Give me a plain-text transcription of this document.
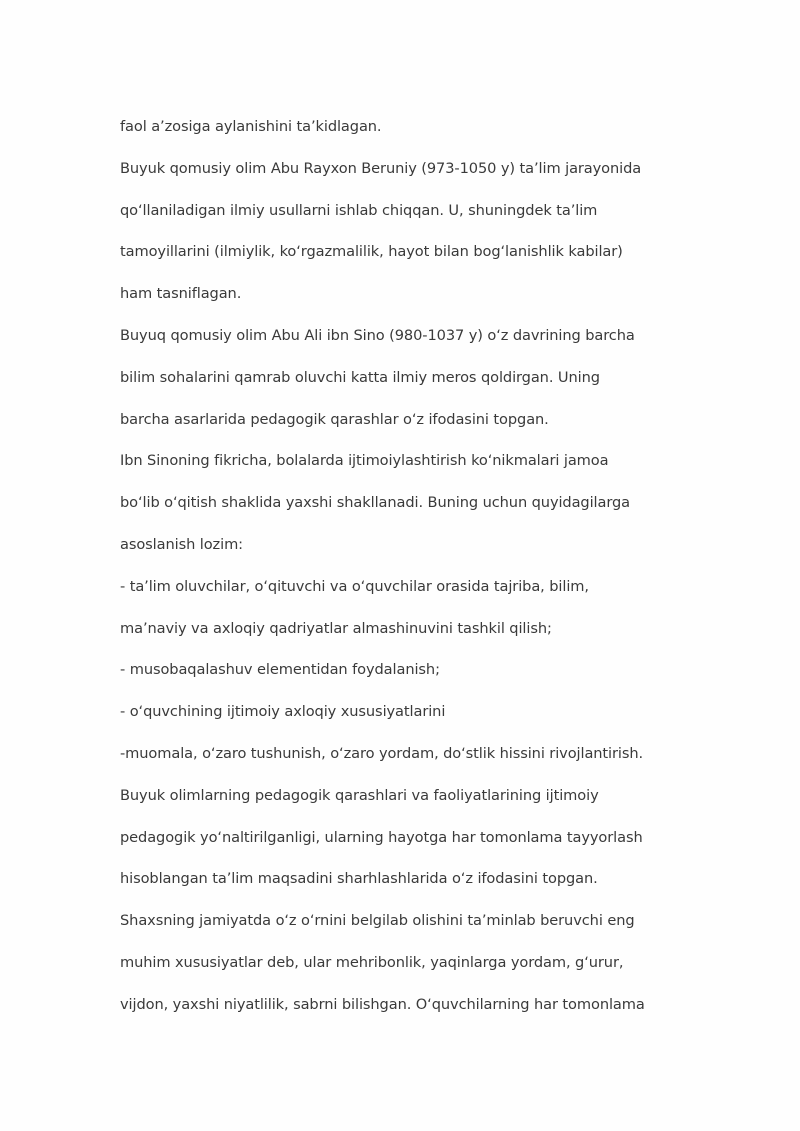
faol a’zosiga aylanishini ta’kidlagan.
Buyuk qomusiy olim Abu Rayxon Beruniy (973-1050 y) ta’lim jarayonida
qo‘llaniladigan ilmiy usullarni ishlab chiqqan. U, shuningdek ta’lim
tamoyillarini (ilmiylik, ko‘rgazmalilik, hayot bilan bog‘lanishlik kabilar)
ham tasniflagan.
Buyuq qomusiy olim Abu Ali ibn Sino (980-1037 y) o‘z davrining barcha
bilim sohalarini qamrab oluvchi katta ilmiy meros qoldirgan. Uning
barcha asarlarida pedagogik qarashlar o‘z ifodasini topgan.
Ibn Sinoning fikricha, bolalarda ijtimoiylashtirish ko‘nikmalari jamoa
bo‘lib o‘qitish shaklida yaxshi shakllanadi. Buning uchun quyidagilarga
asoslanish lozim:
- ta’lim oluvchilar, o‘qituvchi va o‘quvchilar orasida tajriba, bilim,
ma’naviy va axloqiy qadriyatlar almashinuvini tashkil qilish;
- musobaqalashuv elementidan foydalanish;
- o‘quvchining ijtimoiy axloqiy xususiyatlarini
-muomala, o‘zaro tushunish, o‘zaro yordam, do‘stlik hissini rivojlantirish.
Buyuk olimlarning pedagogik qarashlari va faoliyatlarining ijtimoiy
pedagogik yo‘naltirilganligi, ularning hayotga har tomonlama tayyorlash
hisoblangan ta’lim maqsadini sharhlashlarida o‘z ifodasini topgan.
Shaxsning jamiyatda o‘z o‘rnini belgilab olishini ta’minlab beruvchi eng
muhim xususiyatlar deb, ular mehribonlik, yaqinlarga yordam, g‘urur,
vijdon, yaxshi niyatlilik, sabrni bilishgan. O‘quvchilarning har tomonlama
